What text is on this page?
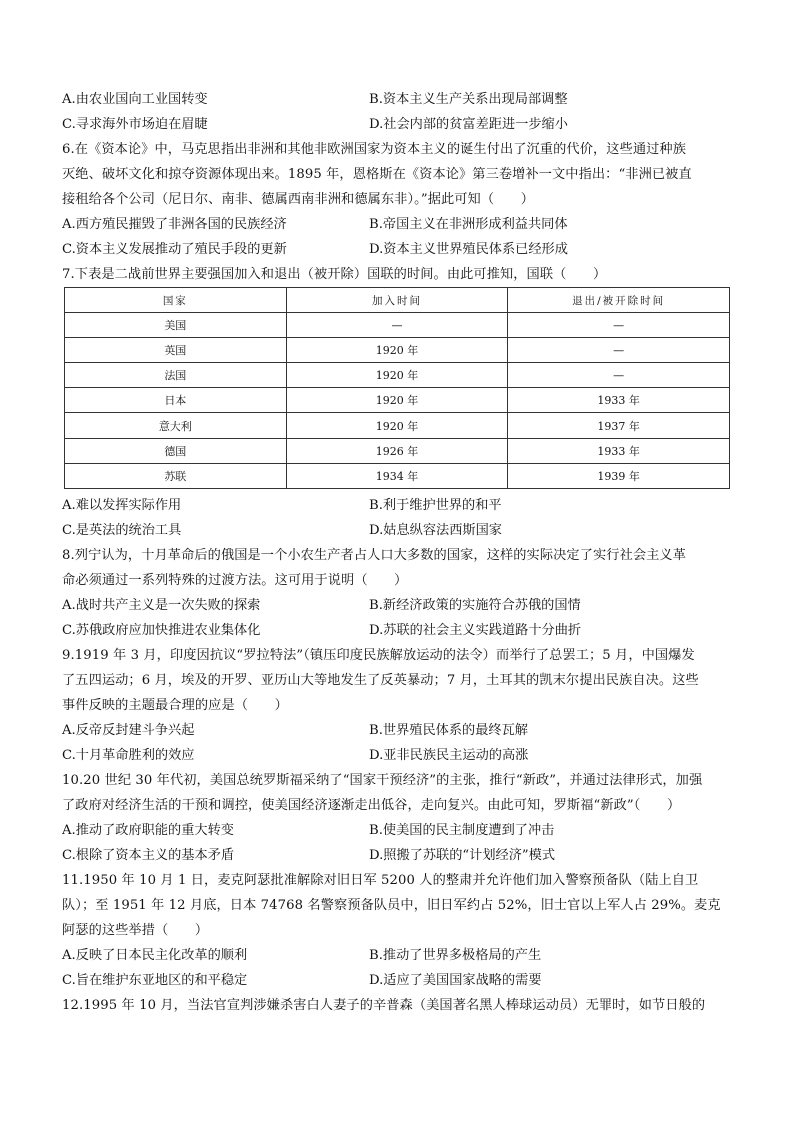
A.由农业国向工业国转变	B.资本主义生产关系出现局部调整
C.寻求海外市场迫在眉睫	D.社会内部的贫富差距进一步缩小
6.在《资本论》中，马克思指出非洲和其他非欧洲国家为资本主义的诞生付出了沉重的代价，这些通过种族
灭绝、破坏文化和掠夺资源体现出来。1895 年，恩格斯在《资本论》第三卷增补一文中指出：“非洲已被直
接租给各个公司（尼日尔、南非、德属西南非洲和德属东非）。”据此可知（　　）
A.西方殖民摧毁了非洲各国的民族经济	B.帝国主义在非洲形成利益共同体
C.资本主义发展推动了殖民手段的更新	D.资本主义世界殖民体系已经形成
7.下表是二战前世界主要强国加入和退出（被开除）国联的时间。由此可推知，国联（　　）
国家	加入时间	退出/被开除时间
美国	—	—
英国	1920 年	—
法国	1920 年	—
日本	1920 年	1933 年
意大利	1920 年	1937 年
德国	1926 年	1933 年
苏联	1934 年	1939 年
A.难以发挥实际作用	B.利于维护世界的和平
C.是英法的统治工具	D.姑息纵容法西斯国家
8.列宁认为，十月革命后的俄国是一个小农生产者占人口大多数的国家，这样的实际决定了实行社会主义革
命必须通过一系列特殊的过渡方法。这可用于说明（　　）
A.战时共产主义是一次失败的探索	B.新经济政策的实施符合苏俄的国情
C.苏俄政府应加快推进农业集体化	D.苏联的社会主义实践道路十分曲折
9.1919 年 3 月，印度因抗议“罗拉特法”（镇压印度民族解放运动的法令）而举行了总罢工；5 月，中国爆发
了五四运动；6 月，埃及的开罗、亚历山大等地发生了反英暴动；7 月，土耳其的凯末尔提出民族自决。这些
事件反映的主题最合理的应是（　　）
A.反帝反封建斗争兴起	B.世界殖民体系的最终瓦解
C.十月革命胜利的效应	D.亚非民族民主运动的高涨
10.20 世纪 30 年代初，美国总统罗斯福采纳了“国家干预经济”的主张，推行“新政”，并通过法律形式，加强
了政府对经济生活的干预和调控，使美国经济逐渐走出低谷，走向复兴。由此可知，罗斯福“新政”（　　）
A.推动了政府职能的重大转变	B.使美国的民主制度遭到了冲击
C.根除了资本主义的基本矛盾	D.照搬了苏联的“计划经济”模式
11.1950 年 10 月 1 日，麦克阿瑟批准解除对旧日军 5200 人的整肃并允许他们加入警察预备队（陆上自卫
队）；至 1951 年 12 月底，日本 74768 名警察预备队员中，旧日军约占 52%，旧士官以上军人占 29%。麦克
阿瑟的这些举措（　　）
A.反映了日本民主化改革的顺利	B.推动了世界多极格局的产生
C.旨在维护东亚地区的和平稳定	D.适应了美国国家战略的需要
12.1995 年 10 月，当法官宣判涉嫌杀害白人妻子的辛普森（美国著名黑人棒球运动员）无罪时，如节日般的
